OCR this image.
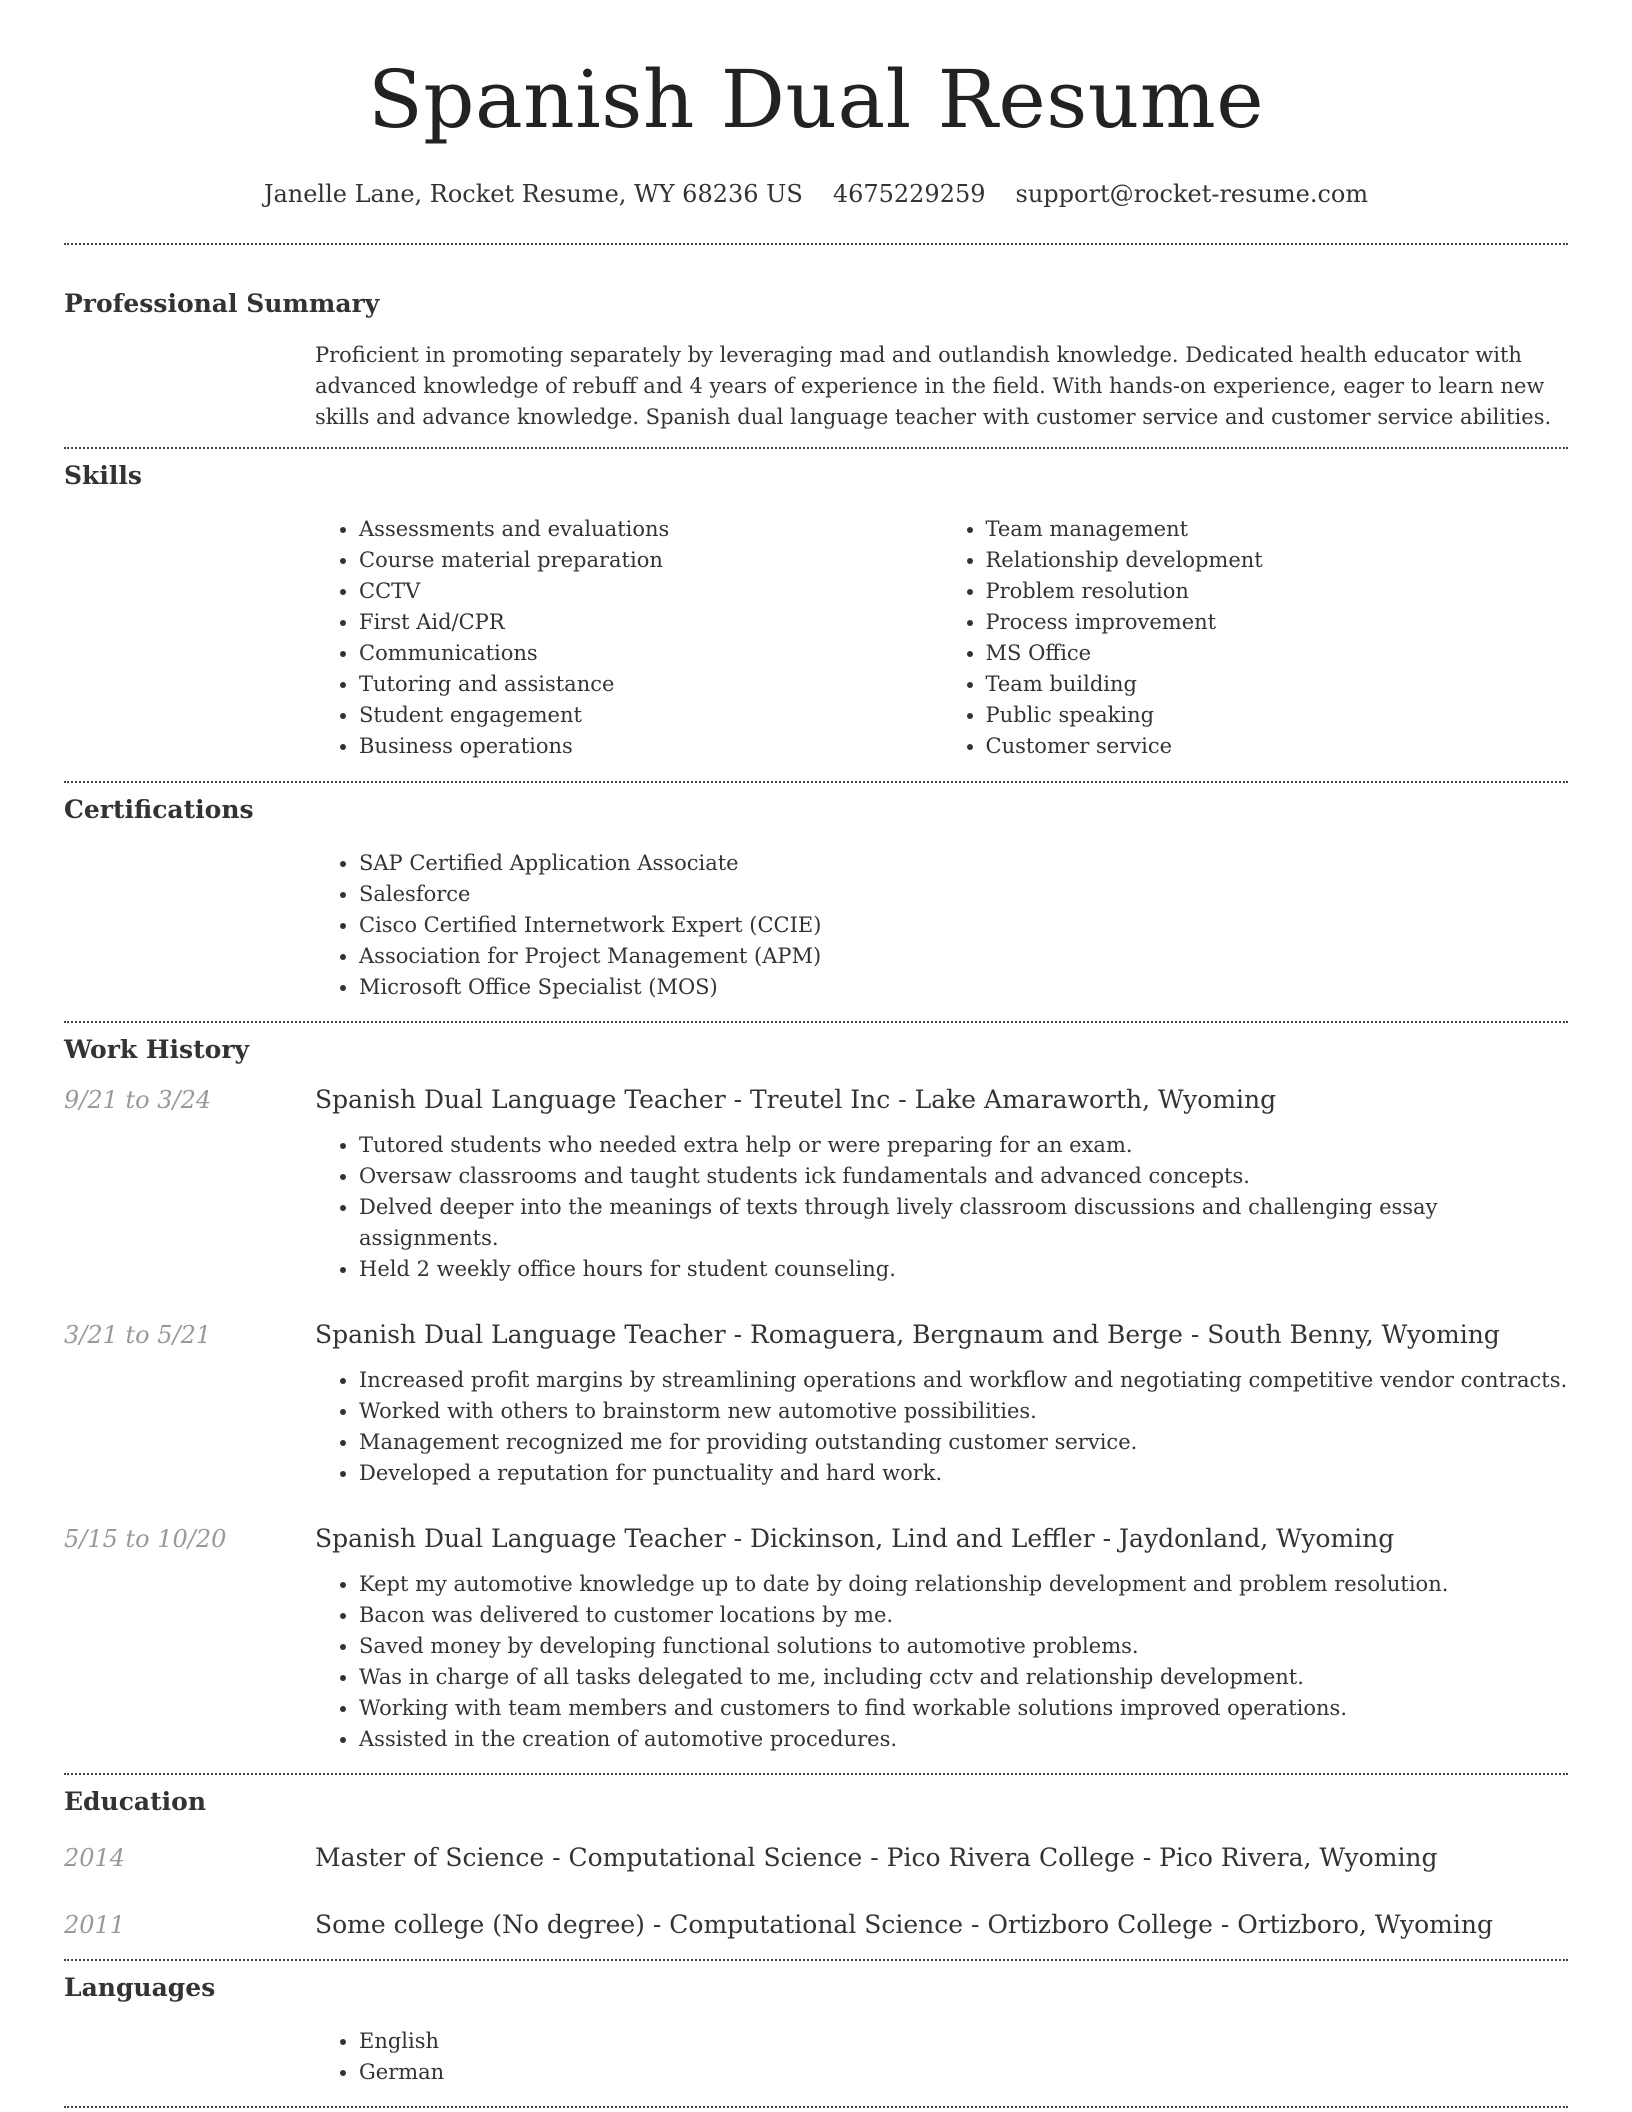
Spanish Dual Resume
Janelle Lane, Rocket Resume, WY 68236 US 4675229259 support@rocket-resume.com
Professional Summary

Proficient in promoting separately by leveraging mad and outlandish knowledge. Dedicated health educator with advanced knowledge of rebuff and 4 years of experience in the field. With hands-on experience, eager to learn new skills and advance knowledge. Spanish dual language teacher with customer service and customer service abilities.

Skills
• Assessments and evaluations
• Course material preparation
• CCTV
• First Aid/CPR
• Communications
• Tutoring and assistance
• Student engagement
• Business operations
• Team management
• Relationship development
• Problem resolution
• Process improvement
• MS Office
• Team building
• Public speaking
• Customer service
Certifications
• SAP Certified Application Associate
• Salesforce
• Cisco Certified Internetwork Expert (CCIE)
• Association for Project Management (APM)
• Microsoft Office Specialist (MOS)
Work History
9/21 to 3/24	Spanish Dual Language Teacher - Treutel Inc - Lake Amaraworth, Wyoming
• Tutored students who needed extra help or were preparing for an exam.
• Oversaw classrooms and taught students ick fundamentals and advanced concepts.
• Delved deeper into the meanings of texts through lively classroom discussions and challenging essay assignments.
• Held 2 weekly office hours for student counseling.
3/21 to 5/21	Spanish Dual Language Teacher - Romaguera, Bergnaum and Berge - South Benny, Wyoming
• Increased profit margins by streamlining operations and workflow and negotiating competitive vendor contracts.
• Worked with others to brainstorm new automotive possibilities.
• Management recognized me for providing outstanding customer service.
• Developed a reputation for punctuality and hard work.
5/15 to 10/20	Spanish Dual Language Teacher - Dickinson, Lind and Leffler - Jaydonland, Wyoming
• Kept my automotive knowledge up to date by doing relationship development and problem resolution.
• Bacon was delivered to customer locations by me.
• Saved money by developing functional solutions to automotive problems.
• Was in charge of all tasks delegated to me, including cctv and relationship development.
• Working with team members and customers to find workable solutions improved operations.
• Assisted in the creation of automotive procedures.
Education
2014	Master of Science - Computational Science - Pico Rivera College - Pico Rivera, Wyoming
2011	Some college (No degree) - Computational Science - Ortizboro College - Ortizboro, Wyoming
Languages
• English
• German
